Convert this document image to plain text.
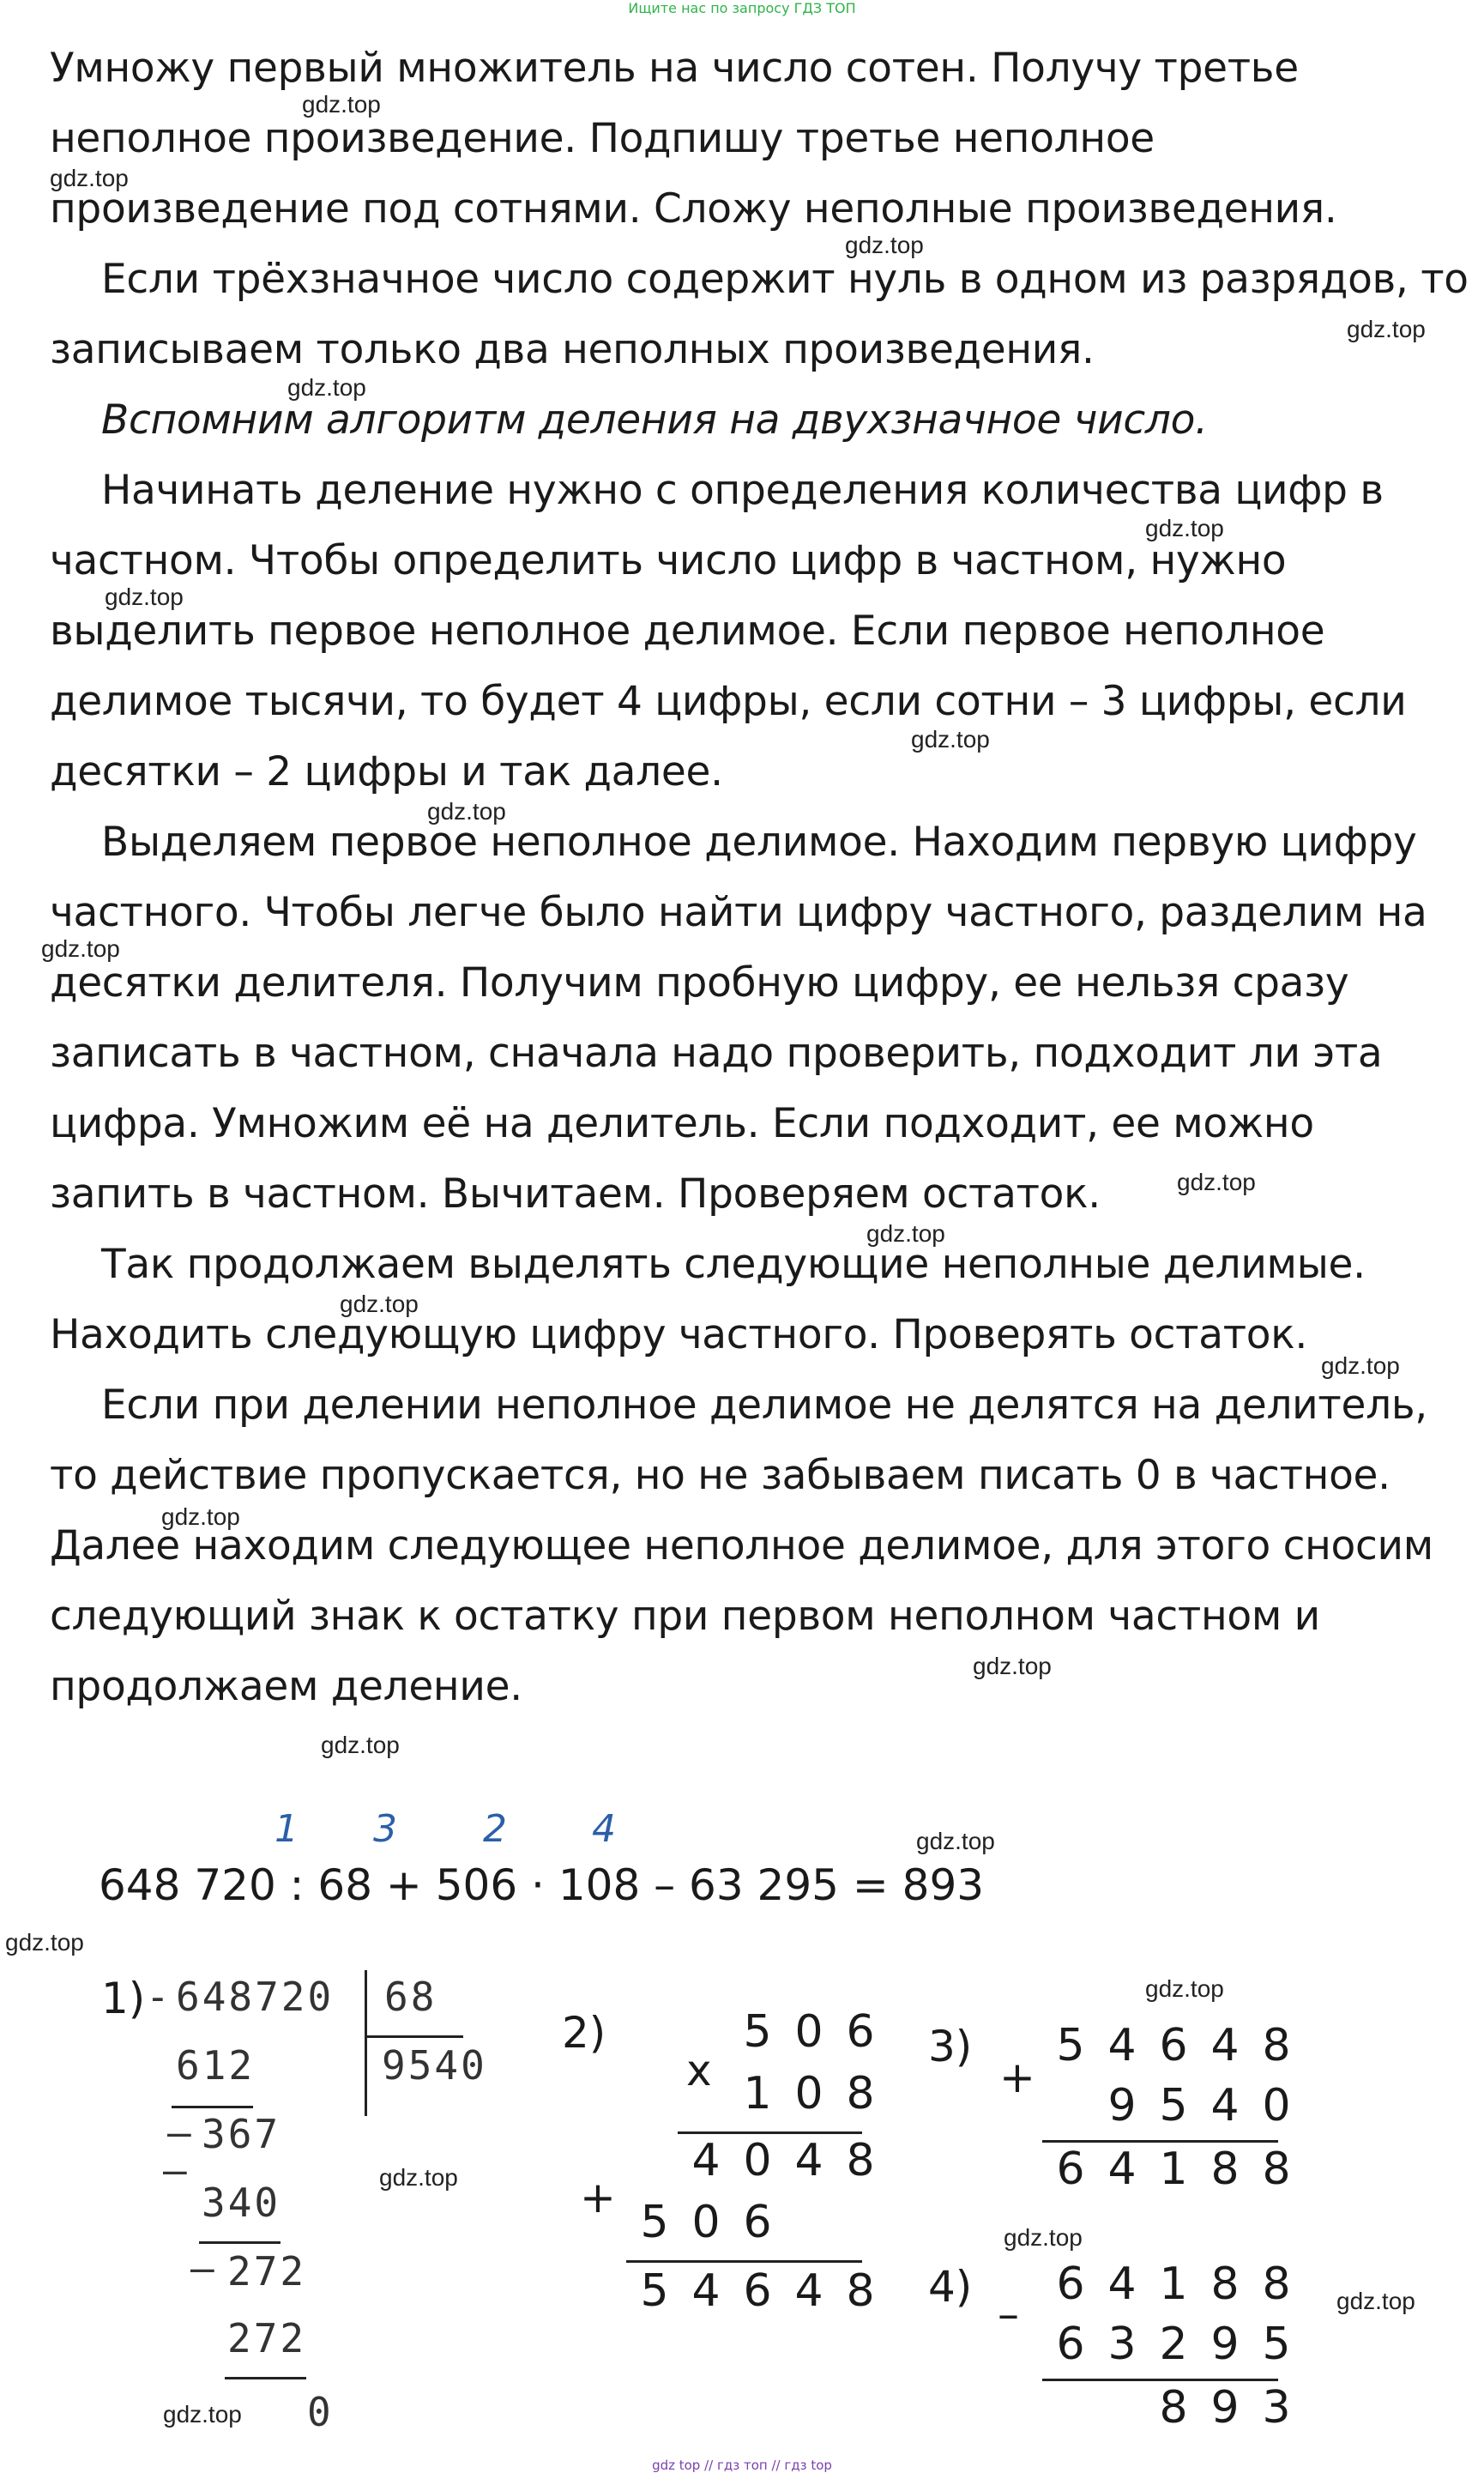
Ищите нас по запросу ГДЗ ТОП
Умножу первый множитель на число сотен. Получу третье
неполное произведение. Подпишу третье неполное
произведение под сотнями. Сложу неполные произведения.
Если трёхзначное число содержит нуль в одном из разрядов, то
записываем только два неполных произведения.
Вспомним алгоритм деления на двухзначное число.
Начинать деление нужно с определения количества цифр в
частном. Чтобы определить число цифр в частном, нужно
выделить первое неполное делимое. Если первое неполное
делимое тысячи, то будет 4 цифры, если сотни – 3 цифры, если
десятки – 2 цифры и так далее.
Выделяем первое неполное делимое. Находим первую цифру
частного. Чтобы легче было найти цифру частного, разделим на
десятки делителя. Получим пробную цифру, ее нельзя сразу
записать в частном, сначала надо проверить, подходит ли эта
цифра. Умножим её на делитель. Если подходит, ее можно
запить в частном. Вычитаем. Проверяем остаток.
Так продолжаем выделять следующие неполные делимые.
Находить следующую цифру частного. Проверять остаток.
Если при делении неполное делимое не делятся на делитель,
то действие пропускается, но не забываем писать 0 в частное.
Далее находим следующее неполное делимое, для этого сносим
следующий знак к остатку при первом неполном частном и
продолжаем деление.
gdz.top
gdz.top
gdz.top
gdz.top
gdz.top
gdz.top
gdz.top
gdz.top
gdz.top
gdz.top
gdz.top
gdz.top
gdz.top
gdz.top
gdz.top
gdz.top
gdz.top
gdz.top
gdz.top
gdz.top
gdz.top
gdz.top
gdz.top
gdz.top
1 3 2 4
648 720 : 68 + 506 · 108 – 63 295 = 893
1) - 648720 68
9540
612
– 367
–
340
– 272
272
0
2)
x
5 0 6
1 0 8
4 0 4 8
+ 5 0 6
5 4 6 4 8
3)
+
5 4 6 4 8
9 5 4 0
6 4 1 8 8
4)
–
6 4 1 8 8
6 3 2 9 5
8 9 3
gdz top // гдз топ // гдз top
